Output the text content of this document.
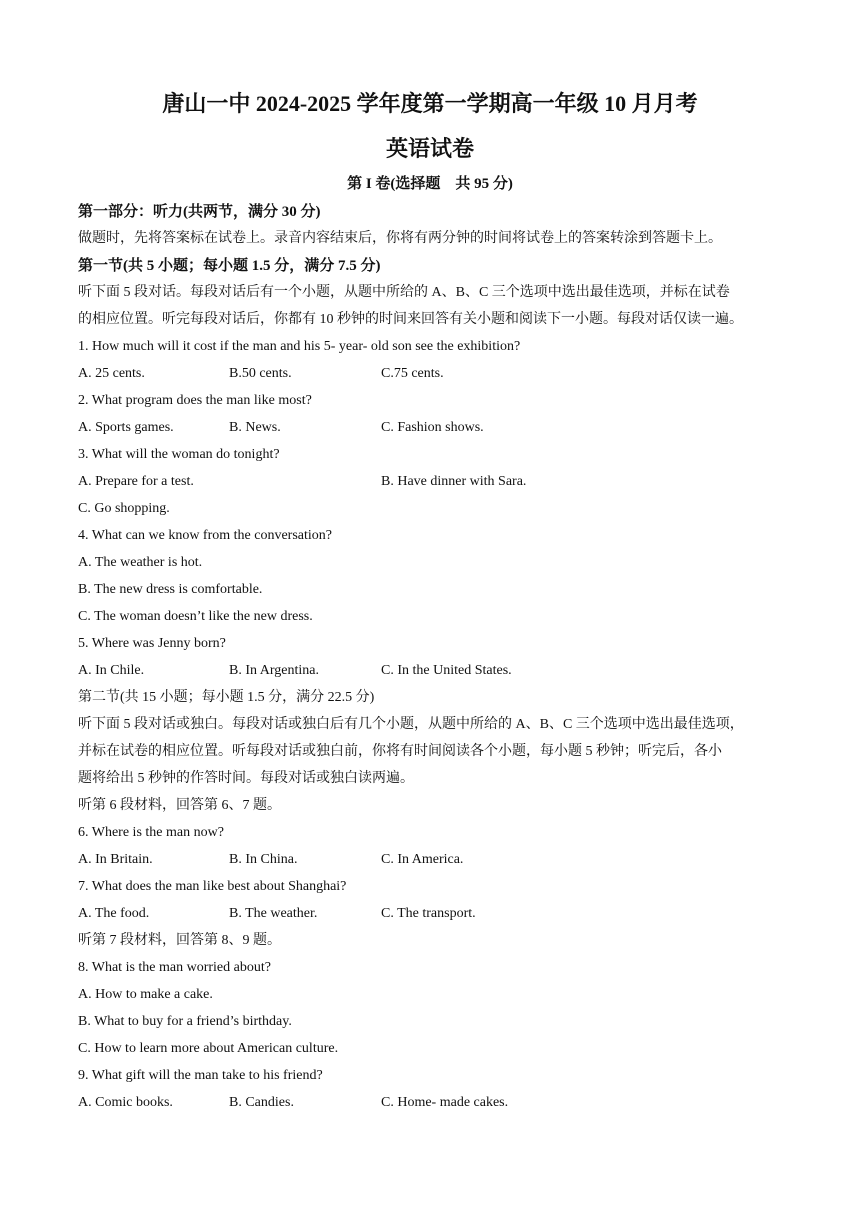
唐山一中 2024-2025 学年度第一学期高一年级 10 月月考
英语试卷
第 I 卷(选择题　共 95 分)
第一部分：听力(共两节，满分 30 分)
做题时，先将答案标在试卷上。录音内容结束后，你将有两分钟的时间将试卷上的答案转涂到答题卡上。
第一节(共 5 小题；每小题 1.5 分，满分 7.5 分)
听下面 5 段对话。每段对话后有一个小题，从题中所给的 A、B、C 三个选项中选出最佳选项，并标在试卷
的相应位置。听完每段对话后，你都有 10 秒钟的时间来回答有关小题和阅读下一小题。每段对话仅读一遍。
1. How much will it cost if the man and his 5- year- old son see the exhibition?
A. 25 cents.	B.50 cents.	C.75 cents.
2. What program does the man like most?
A. Sports games.	B. News.	C. Fashion shows.
3. What will the woman do tonight?
A. Prepare for a test.	B. Have dinner with Sara.
C. Go shopping.
4. What can we know from the conversation?
A. The weather is hot.
B. The new dress is comfortable.
C. The woman doesn’t like the new dress.
5. Where was Jenny born?
A. In Chile.	B. In Argentina.	C. In the United States.
第二节(共 15 小题；每小题 1.5 分，满分 22.5 分)
听下面 5 段对话或独白。每段对话或独白后有几个小题，从题中所给的 A、B、C 三个选项中选出最佳选项，
并标在试卷的相应位置。听每段对话或独白前，你将有时间阅读各个小题，每小题 5 秒钟；听完后，各小
题将给出 5 秒钟的作答时间。每段对话或独白读两遍。
听第 6 段材料，回答第 6、7 题。
6. Where is the man now?
A. In Britain.	B. In China.	C. In America.
7. What does the man like best about Shanghai?
A. The food.	B. The weather.	C. The transport.
听第 7 段材料，回答第 8、9 题。
8. What is the man worried about?
A. How to make a cake.
B. What to buy for a friend’s birthday.
C. How to learn more about American culture.
9. What gift will the man take to his friend?
A. Comic books.	B. Candies.	C. Home- made cakes.
